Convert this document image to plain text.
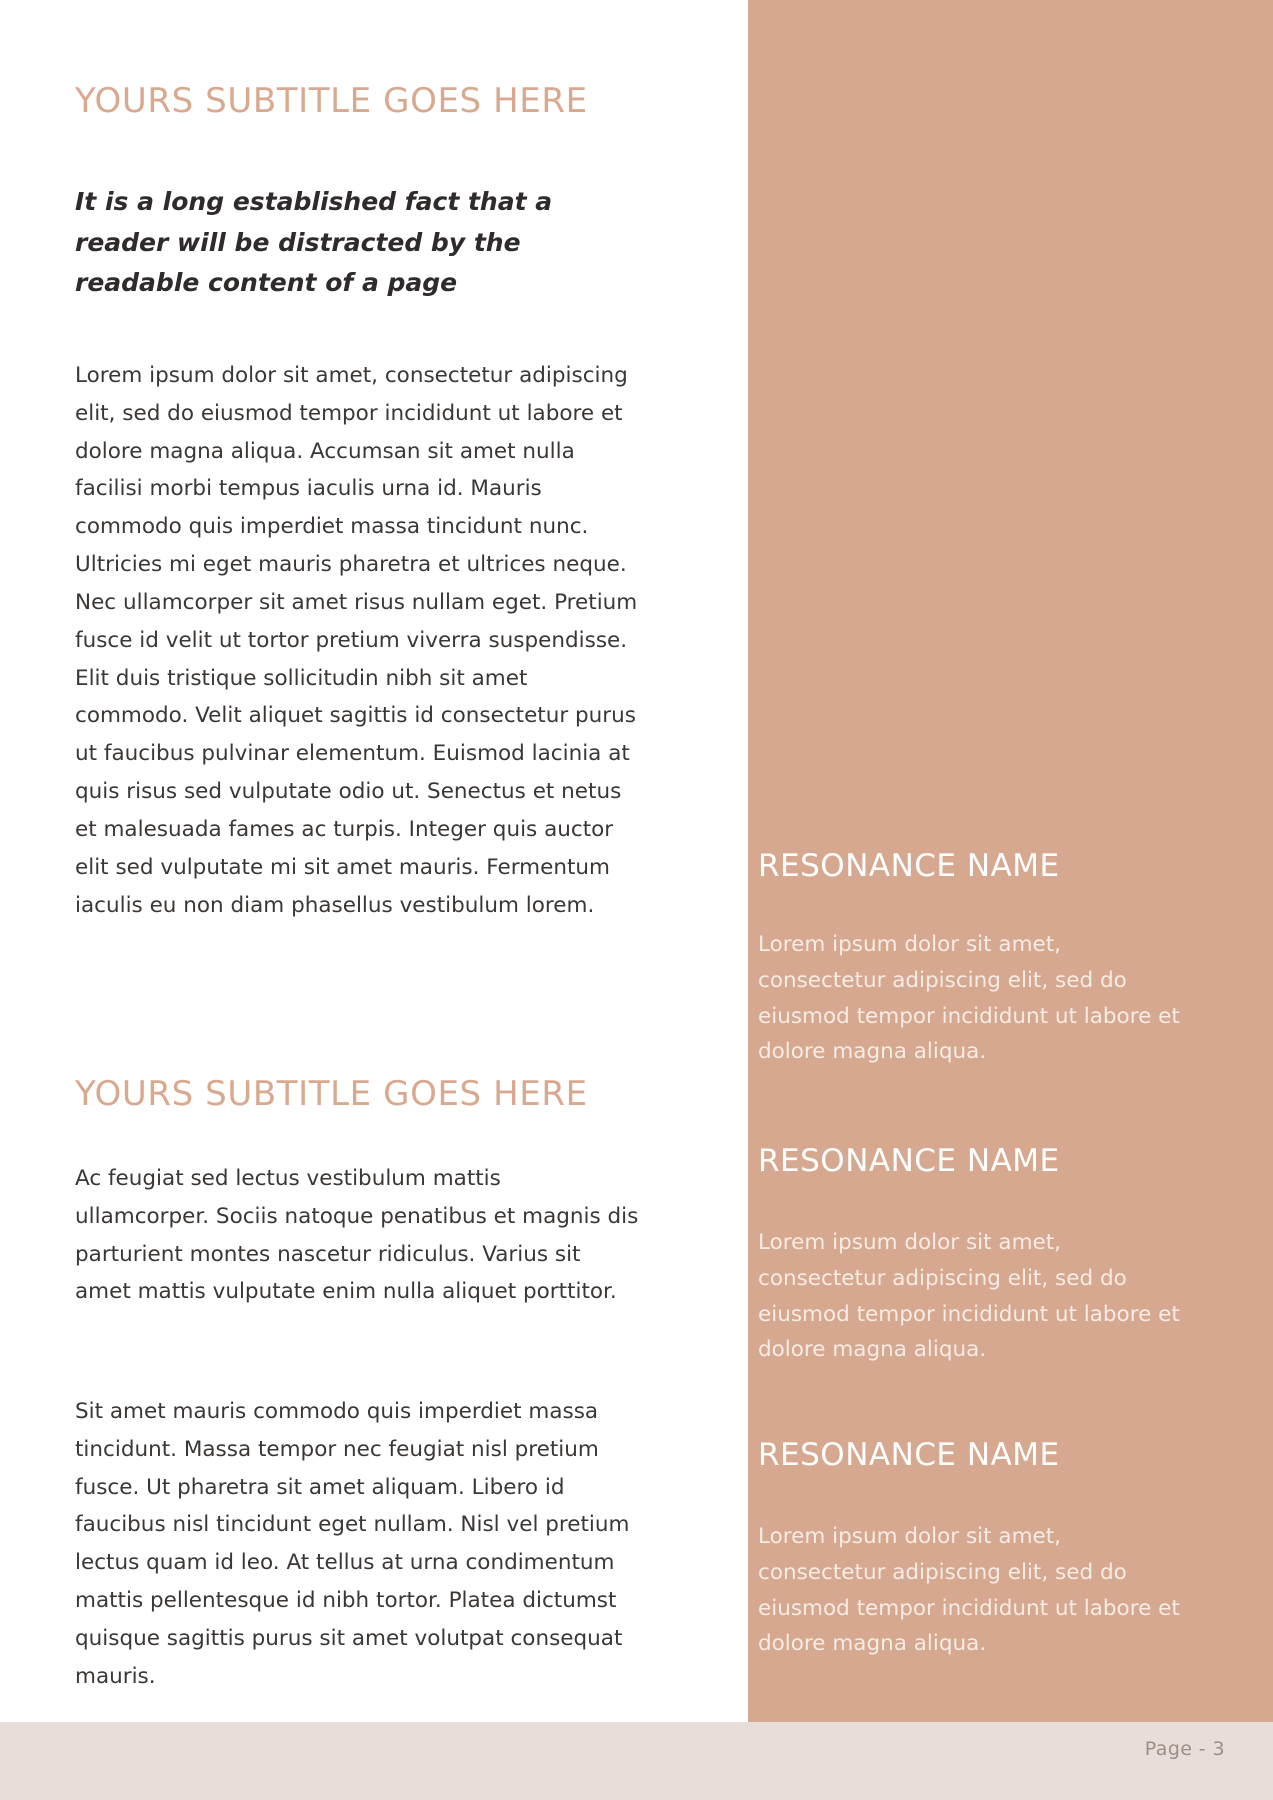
YOURS SUBTITLE GOES HERE

It is a long established fact that a reader will be distracted by the readable content of a page

Lorem ipsum dolor sit amet, consectetur adipiscing elit, sed do eiusmod tempor incididunt ut labore et dolore magna aliqua. Accumsan sit amet nulla facilisi morbi tempus iaculis urna id. Mauris commodo quis imperdiet massa tincidunt nunc. Ultricies mi eget mauris pharetra et ultrices neque. Nec ullamcorper sit amet risus nullam eget. Pretium fusce id velit ut tortor pretium viverra suspendisse. Elit duis tristique sollicitudin nibh sit amet commodo. Velit aliquet sagittis id consectetur purus ut faucibus pulvinar elementum. Euismod lacinia at quis risus sed vulputate odio ut. Senectus et netus et malesuada fames ac turpis. Integer quis auctor elit sed vulputate mi sit amet mauris. Fermentum iaculis eu non diam phasellus vestibulum lorem.

YOURS SUBTITLE GOES HERE

Ac feugiat sed lectus vestibulum mattis ullamcorper. Sociis natoque penatibus et magnis dis parturient montes nascetur ridiculus. Varius sit amet mattis vulputate enim nulla aliquet porttitor.

Sit amet mauris commodo quis imperdiet massa tincidunt. Massa tempor nec feugiat nisl pretium fusce. Ut pharetra sit amet aliquam. Libero id faucibus nisl tincidunt eget nullam. Nisl vel pretium lectus quam id leo. At tellus at urna condimentum mattis pellentesque id nibh tortor. Platea dictumst quisque sagittis purus sit amet volutpat consequat mauris.

RESONANCE NAME

Lorem ipsum dolor sit amet, consectetur adipiscing elit, sed do eiusmod tempor incididunt ut labore et dolore magna aliqua.

RESONANCE NAME

Lorem ipsum dolor sit amet, consectetur adipiscing elit, sed do eiusmod tempor incididunt ut labore et dolore magna aliqua.

RESONANCE NAME

Lorem ipsum dolor sit amet, consectetur adipiscing elit, sed do eiusmod tempor incididunt ut labore et dolore magna aliqua.

Page - 3
